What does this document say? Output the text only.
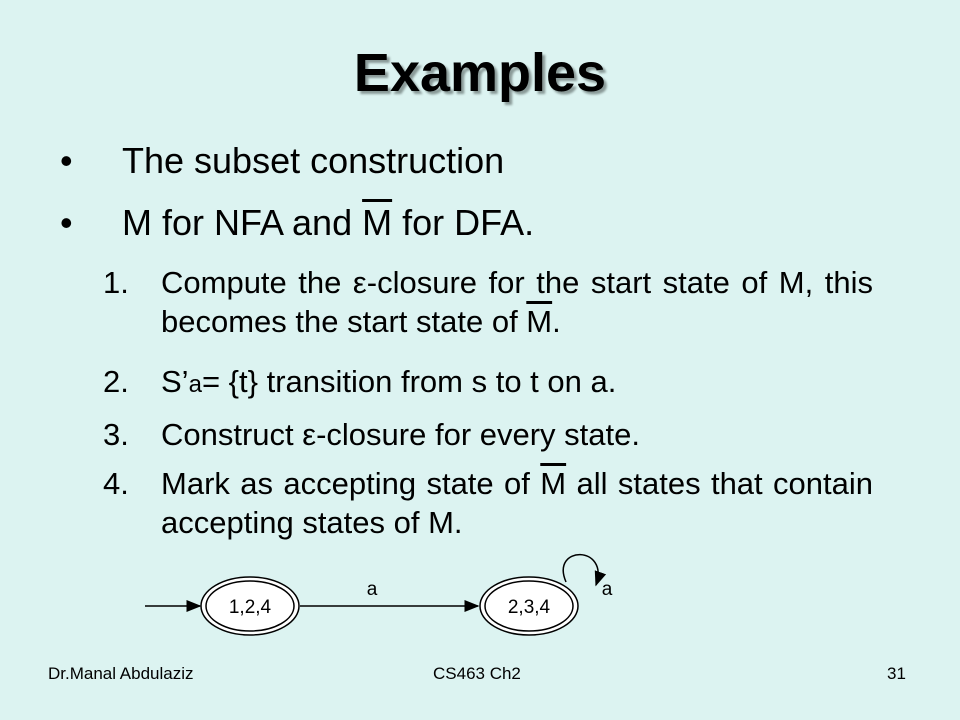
Examples
• The subset construction
• M for NFA and $\overline{M}$ for DFA.
1. Compute the ε-closure for the start state of M, this becomes the start state of $\overline{M}$.
2. S’a= {t} transition from s to t on a.
3. Construct ε-closure for every state.
4. Mark as accepting state of $\overline{M}$ all states that contain accepting states of M.
1,2,4
a
2,3,4
a
Dr.Manal Abdulaziz	CS463 Ch2	31
